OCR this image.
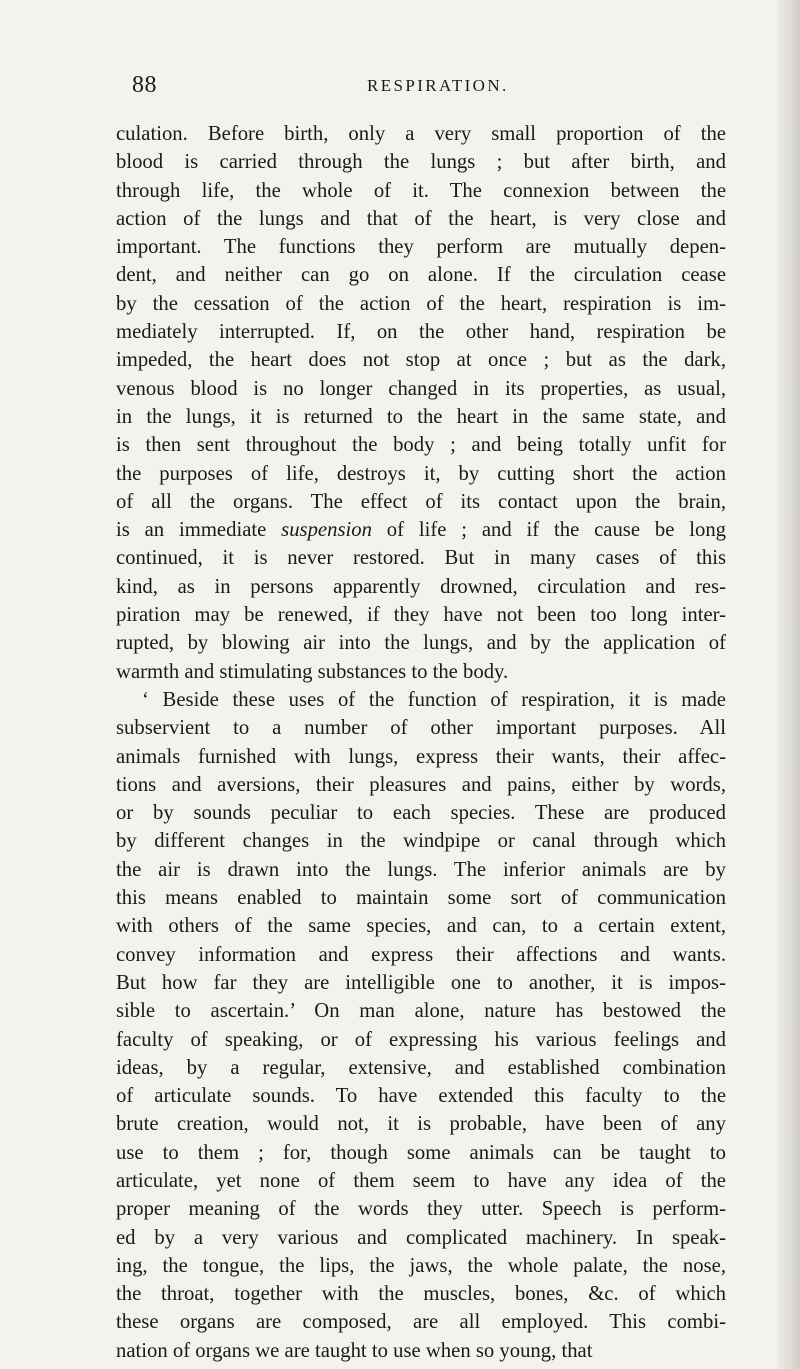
88	RESPIRATION.
culation. Before birth, only a very small proportion of the
blood is carried through the lungs ; but after birth, and
through life, the whole of it. The connexion between the
action of the lungs and that of the heart, is very close and
important. The functions they perform are mutually depen-
dent, and neither can go on alone. If the circulation cease
by the cessation of the action of the heart, respiration is im-
mediately interrupted. If, on the other hand, respiration be
impeded, the heart does not stop at once ; but as the dark,
venous blood is no longer changed in its properties, as usual,
in the lungs, it is returned to the heart in the same state, and
is then sent throughout the body ; and being totally unfit for
the purposes of life, destroys it, by cutting short the action
of all the organs. The effect of its contact upon the brain,
is an immediate suspension of life ; and if the cause be long
continued, it is never restored. But in many cases of this
kind, as in persons apparently drowned, circulation and res-
piration may be renewed, if they have not been too long inter-
rupted, by blowing air into the lungs, and by the application of
warmth and stimulating substances to the body.
‘ Beside these uses of the function of respiration, it is made
subservient to a number of other important purposes. All
animals furnished with lungs, express their wants, their affec-
tions and aversions, their pleasures and pains, either by words,
or by sounds peculiar to each species. These are produced
by different changes in the windpipe or canal through which
the air is drawn into the lungs. The inferior animals are by
this means enabled to maintain some sort of communication
with others of the same species, and can, to a certain extent,
convey information and express their affections and wants.
But how far they are intelligible one to another, it is impos-
sible to ascertain.’ On man alone, nature has bestowed the
faculty of speaking, or of expressing his various feelings and
ideas, by a regular, extensive, and established combination
of articulate sounds. To have extended this faculty to the
brute creation, would not, it is probable, have been of any
use to them ; for, though some animals can be taught to
articulate, yet none of them seem to have any idea of the
proper meaning of the words they utter. Speech is perform-
ed by a very various and complicated machinery. In speak-
ing, the tongue, the lips, the jaws, the whole palate, the nose,
the throat, together with the muscles, bones, &c. of which
these organs are composed, are all employed. This combi-
nation of organs we are taught to use when so young, that
